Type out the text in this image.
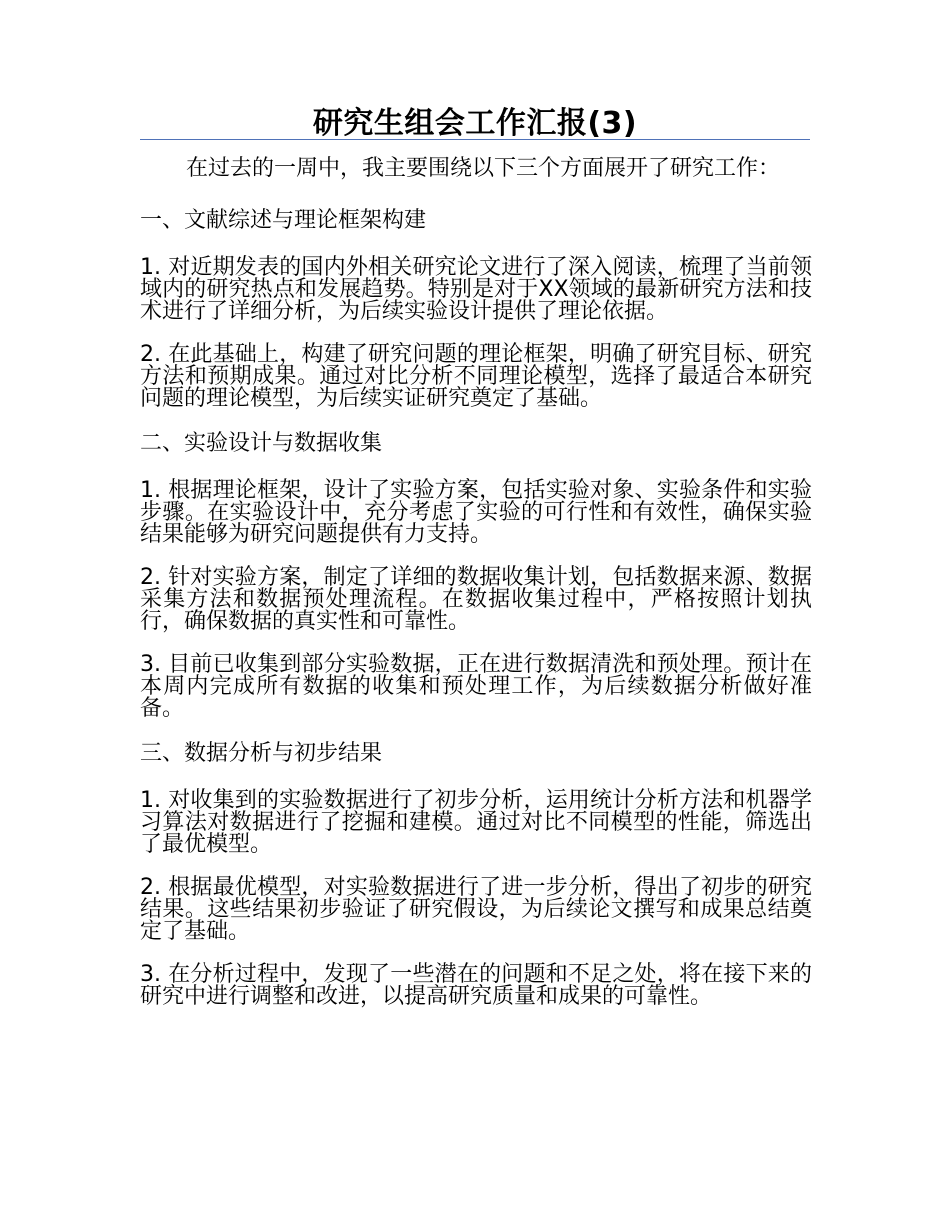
研究生组会工作汇报(3)

在过去的一周中，我主要围绕以下三个方面展开了研究工作：

一、文献综述与理论框架构建

1. 对近期发表的国内外相关研究论文进行了深入阅读，梳理了当前领域内的研究热点和发展趋势。特别是对于XX领域的最新研究方法和技术进行了详细分析，为后续实验设计提供了理论依据。

2. 在此基础上，构建了研究问题的理论框架，明确了研究目标、研究方法和预期成果。通过对比分析不同理论模型，选择了最适合本研究问题的理论模型，为后续实证研究奠定了基础。

二、实验设计与数据收集

1. 根据理论框架，设计了实验方案，包括实验对象、实验条件和实验步骤。在实验设计中，充分考虑了实验的可行性和有效性，确保实验结果能够为研究问题提供有力支持。

2. 针对实验方案，制定了详细的数据收集计划，包括数据来源、数据采集方法和数据预处理流程。在数据收集过程中，严格按照计划执行，确保数据的真实性和可靠性。

3. 目前已收集到部分实验数据，正在进行数据清洗和预处理。预计在本周内完成所有数据的收集和预处理工作，为后续数据分析做好准备。

三、数据分析与初步结果

1. 对收集到的实验数据进行了初步分析，运用统计分析方法和机器学习算法对数据进行了挖掘和建模。通过对比不同模型的性能，筛选出了最优模型。

2. 根据最优模型，对实验数据进行了进一步分析，得出了初步的研究结果。这些结果初步验证了研究假设，为后续论文撰写和成果总结奠定了基础。

3. 在分析过程中，发现了一些潜在的问题和不足之处，将在接下来的研究中进行调整和改进，以提高研究质量和成果的可靠性。
